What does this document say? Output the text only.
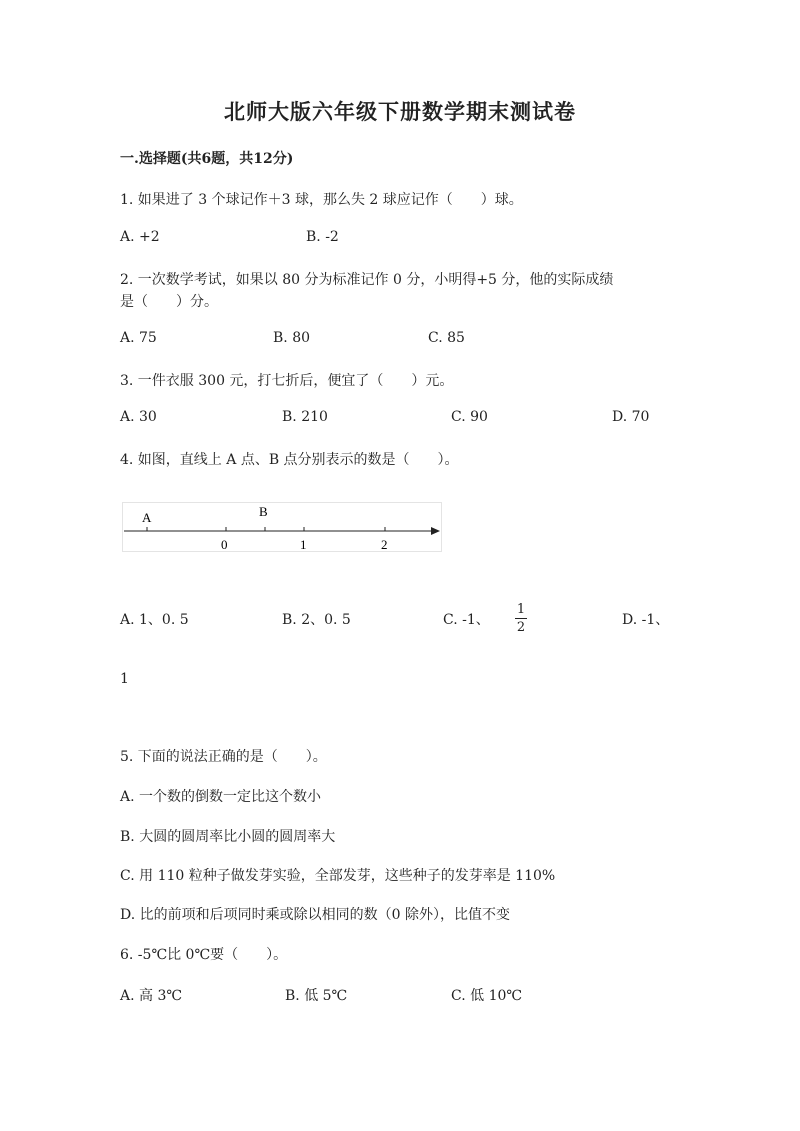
北师大版六年级下册数学期末测试卷
一.选择题(共6题，共12分)
1. 如果进了 3 个球记作＋3 球，那么失 2 球应记作（　　）球。
A. +2	B. -2
2. 一次数学考试，如果以 80 分为标准记作 0 分，小明得+5 分，他的实际成绩
是（　　）分。
A. 75	B. 80	C. 85
3. 一件衣服 300 元，打七折后，便宜了（　　）元。
A. 30	B. 210	C. 90	D. 70
4. 如图，直线上 A 点、B 点分别表示的数是（　　）。
A	B
0	1	2
A. 1、0. 5	B. 2、0. 5	C. -1、
1
2	D. -1、
1
5. 下面的说法正确的是（　　）。
A. 一个数的倒数一定比这个数小
B. 大圆的圆周率比小圆的圆周率大
C. 用 110 粒种子做发芽实验，全部发芽，这些种子的发芽率是 110%
D. 比的前项和后项同时乘或除以相同的数（0 除外），比值不变
6. -5℃比 0℃要（　　）。
A. 高 3℃	B. 低 5℃	C. 低 10℃
